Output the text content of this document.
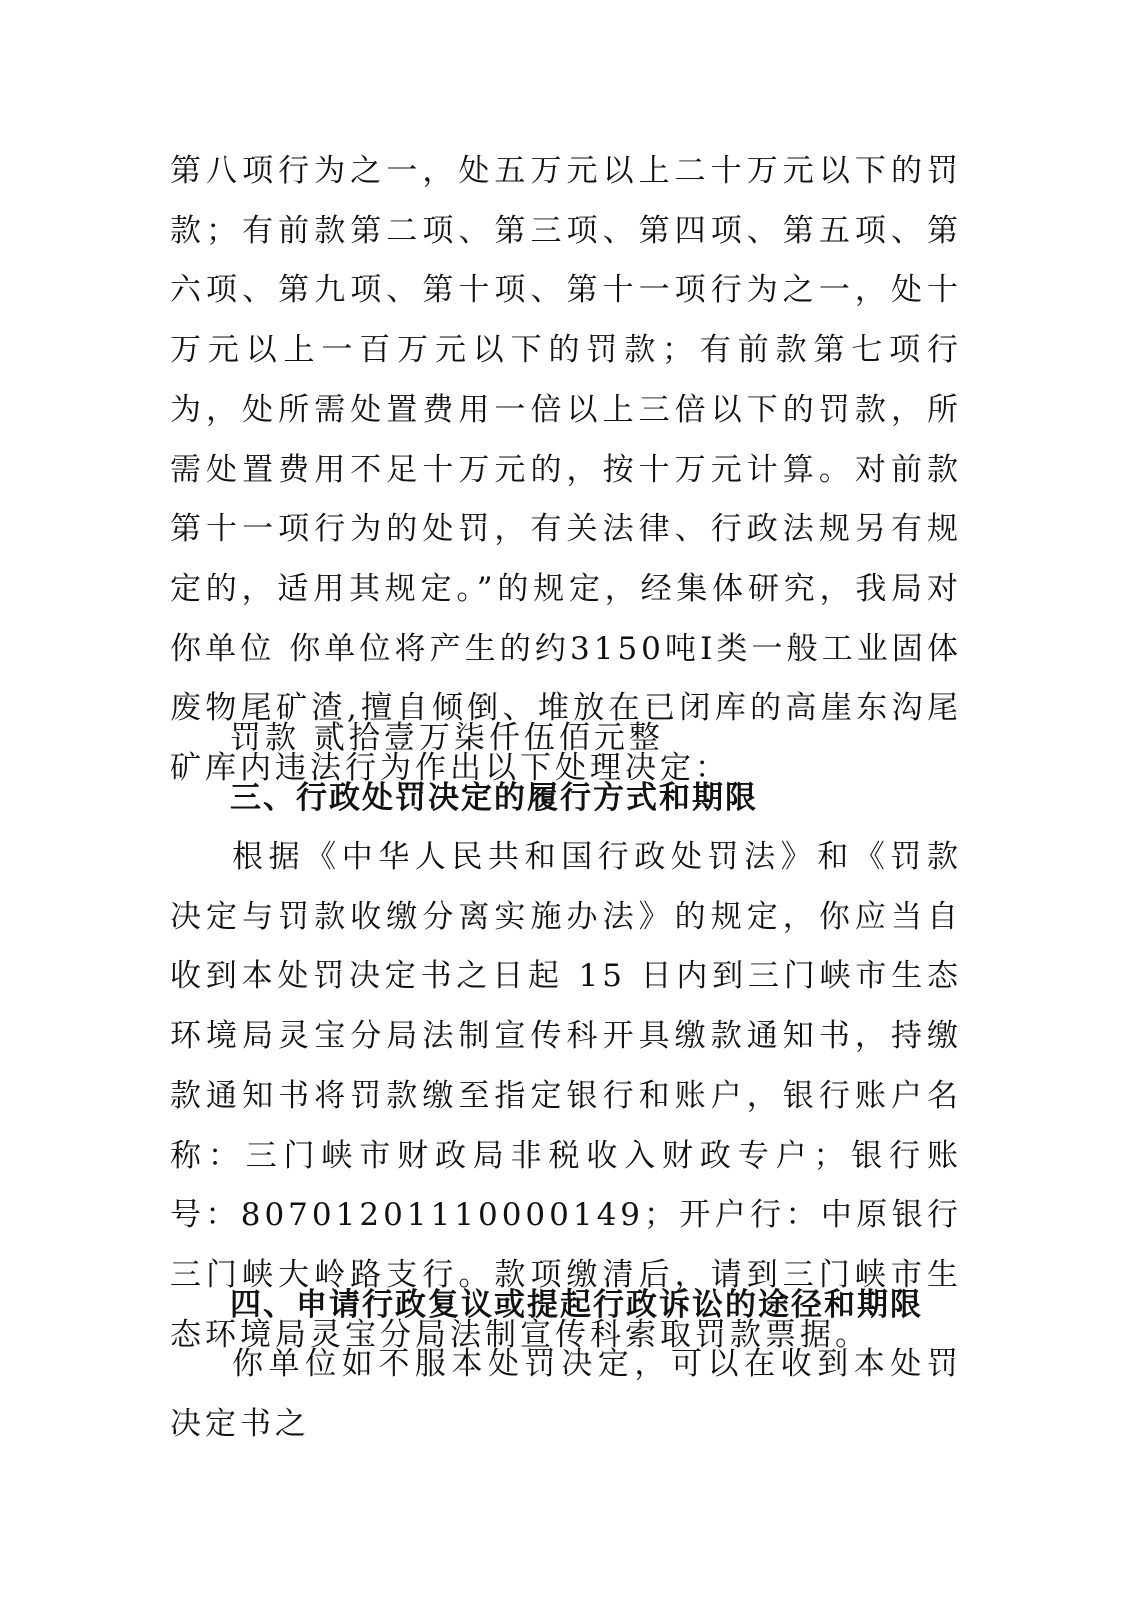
第八项行为之一，处五万元以上二十万元以下的罚款；有前款第二项、第三项、第四项、第五项、第六项、第九项、第十项、第十一项行为之一，处十万元以上一百万元以下的罚款；有前款第七项行为，处所需处置费用一倍以上三倍以下的罚款，所需处置费用不足十万元的，按十万元计算。对前款第十一项行为的处罚，有关法律、行政法规另有规定的，适用其规定。”的规定，经集体研究，我局对你单位 你单位将产生的约3150吨I类一般工业固体废物尾矿渣,擅自倾倒、堆放在已闭库的高崖东沟尾矿库内违法行为作出以下处理决定：
罚款 贰拾壹万柒仟伍佰元整
三、行政处罚决定的履行方式和期限
根据《中华人民共和国行政处罚法》和《罚款决定与罚款收缴分离实施办法》的规定，你应当自收到本处罚决定书之日起 15 日内到三门峡市生态环境局灵宝分局法制宣传科开具缴款通知书，持缴款通知书将罚款缴至指定银行和账户，银行账户名称：三门峡市财政局非税收入财政专户；银行账号：80701201110000149；开户行：中原银行三门峡大岭路支行。款项缴清后，请到三门峡市生态环境局灵宝分局法制宣传科索取罚款票据。
四、申请行政复议或提起行政诉讼的途径和期限
你单位如不服本处罚决定，可以在收到本处罚决定书之
